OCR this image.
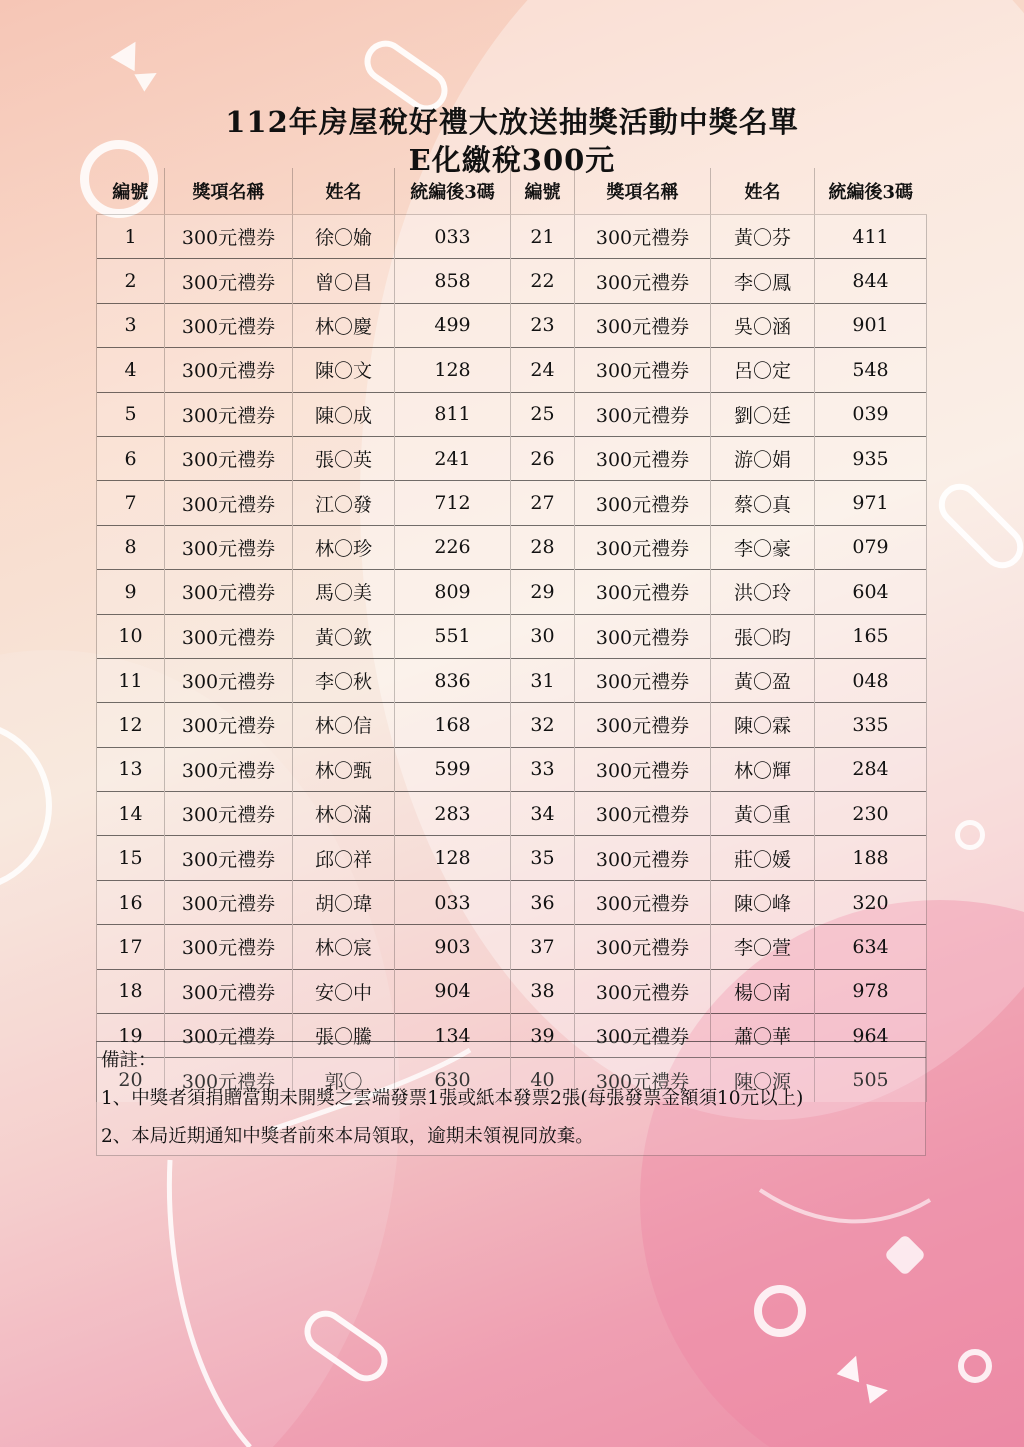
112年房屋稅好禮大放送抽獎活動中獎名單
E化繳稅300元
編號	獎項名稱	姓名	統編後3碼	編號	獎項名稱	姓名	統編後3碼
1	300元禮券	徐〇媮	033	21	300元禮券	黃〇芬	411
2	300元禮券	曾〇昌	858	22	300元禮券	李〇鳳	844
3	300元禮券	林〇慶	499	23	300元禮券	吳〇涵	901
4	300元禮券	陳〇文	128	24	300元禮券	呂〇定	548
5	300元禮券	陳〇成	811	25	300元禮券	劉〇廷	039
6	300元禮券	張〇英	241	26	300元禮券	游〇娟	935
7	300元禮券	江〇發	712	27	300元禮券	蔡〇真	971
8	300元禮券	林〇珍	226	28	300元禮券	李〇豪	079
9	300元禮券	馬〇美	809	29	300元禮券	洪〇玲	604
10	300元禮券	黃〇欽	551	30	300元禮券	張〇昀	165
11	300元禮券	李〇秋	836	31	300元禮券	黃〇盈	048
12	300元禮券	林〇信	168	32	300元禮券	陳〇霖	335
13	300元禮券	林〇甄	599	33	300元禮券	林〇輝	284
14	300元禮券	林〇滿	283	34	300元禮券	黃〇重	230
15	300元禮券	邱〇祥	128	35	300元禮券	莊〇媛	188
16	300元禮券	胡〇瑋	033	36	300元禮券	陳〇峰	320
17	300元禮券	林〇宸	903	37	300元禮券	李〇萱	634
18	300元禮券	安〇中	904	38	300元禮券	楊〇南	978
19	300元禮券	張〇騰	134	39	300元禮券	蕭〇華	964
20	300元禮券	郭〇	630	40	300元禮券	陳〇源	505
備註：
1、中獎者須捐贈當期未開獎之雲端發票1張或紙本發票2張(每張發票金額須10元以上)
2、本局近期通知中獎者前來本局領取，逾期未領視同放棄。
